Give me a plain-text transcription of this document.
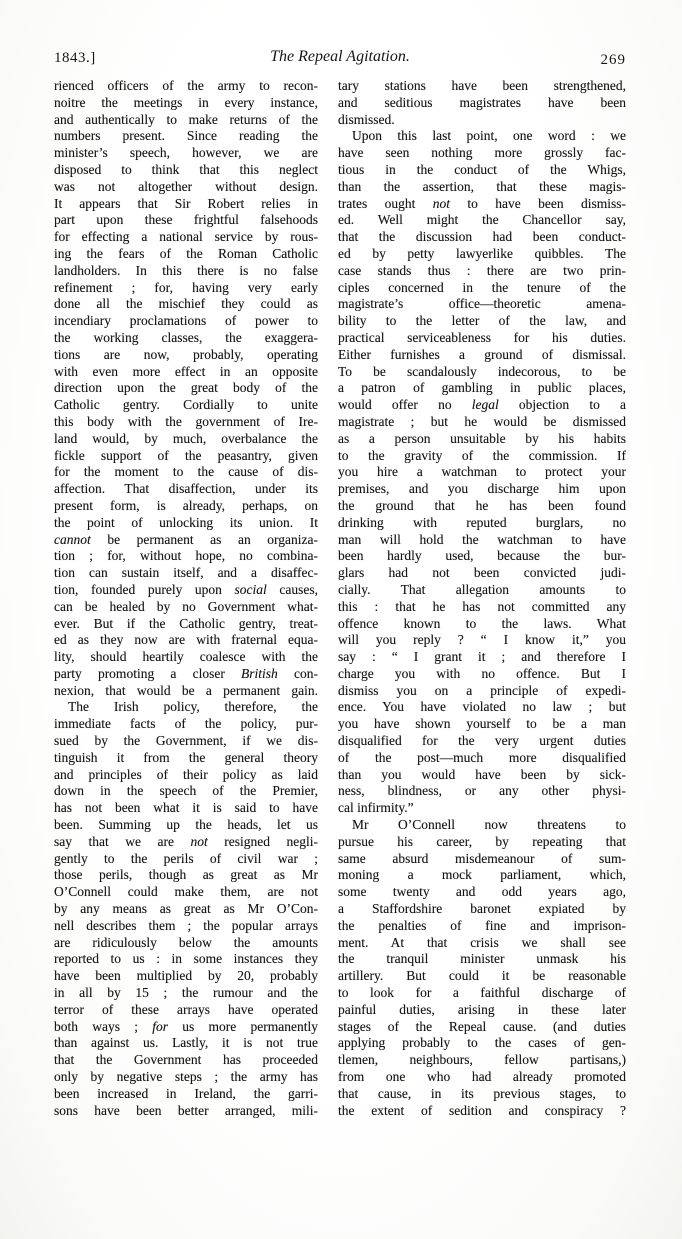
1843.]	The Repeal Agitation.	269
rienced officers of the army to recon-
noitre the meetings in every instance,
and authentically to make returns of the
numbers present. Since reading the
minister’s speech, however, we are
disposed to think that this neglect
was not altogether without design.
It appears that Sir Robert relies in
part upon these frightful falsehoods
for effecting a national service by rous-
ing the fears of the Roman Catholic
landholders. In this there is no false
refinement ; for, having very early
done all the mischief they could as
incendiary proclamations of power to
the working classes, the exaggera-
tions are now, probably, operating
with even more effect in an opposite
direction upon the great body of the
Catholic gentry. Cordially to unite
this body with the government of Ire-
land would, by much, overbalance the
fickle support of the peasantry, given
for the moment to the cause of dis-
affection. That disaffection, under its
present form, is already, perhaps, on
the point of unlocking its union. It
cannot be permanent as an organiza-
tion ; for, without hope, no combina-
tion can sustain itself, and a disaffec-
tion, founded purely upon social causes,
can be healed by no Government what-
ever. But if the Catholic gentry, treat-
ed as they now are with fraternal equa-
lity, should heartily coalesce with the
party promoting a closer British con-
nexion, that would be a permanent gain.
The Irish policy, therefore, the
immediate facts of the policy, pur-
sued by the Government, if we dis-
tinguish it from the general theory
and principles of their policy as laid
down in the speech of the Premier,
has not been what it is said to have
been. Summing up the heads, let us
say that we are not resigned negli-
gently to the perils of civil war ;
those perils, though as great as Mr
O’Connell could make them, are not
by any means as great as Mr O’Con-
nell describes them ; the popular arrays
are ridiculously below the amounts
reported to us : in some instances they
have been multiplied by 20, probably
in all by 15 ; the rumour and the
terror of these arrays have operated
both ways ; for us more permanently
than against us. Lastly, it is not true
that the Government has proceeded
only by negative steps ; the army has
been increased in Ireland, the garri-
sons have been better arranged, mili-
tary stations have been strengthened,
and seditious magistrates have been
dismissed.
Upon this last point, one word : we
have seen nothing more grossly fac-
tious in the conduct of the Whigs,
than the assertion, that these magis-
trates ought not to have been dismiss-
ed. Well might the Chancellor say,
that the discussion had been conduct-
ed by petty lawyerlike quibbles. The
case stands thus : there are two prin-
ciples concerned in the tenure of the
magistrate’s office—theoretic amena-
bility to the letter of the law, and
practical serviceableness for his duties.
Either furnishes a ground of dismissal.
To be scandalously indecorous, to be
a patron of gambling in public places,
would offer no legal objection to a
magistrate ; but he would be dismissed
as a person unsuitable by his habits
to the gravity of the commission. If
you hire a watchman to protect your
premises, and you discharge him upon
the ground that he has been found
drinking with reputed burglars, no
man will hold the watchman to have
been hardly used, because the bur-
glars had not been convicted judi-
cially. That allegation amounts to
this : that he has not committed any
offence known to the laws. What
will you reply ? “ I know it,” you
say : “ I grant it ; and therefore I
charge you with no offence. But I
dismiss you on a principle of expedi-
ence. You have violated no law ; but
you have shown yourself to be a man
disqualified for the very urgent duties
of the post—much more disqualified
than you would have been by sick-
ness, blindness, or any other physi-
cal infirmity.”
Mr O’Connell now threatens to
pursue his career, by repeating that
same absurd misdemeanour of sum-
moning a mock parliament, which,
some twenty and odd years ago,
a Staffordshire baronet expiated by
the penalties of fine and imprison-
ment. At that crisis we shall see
the tranquil minister unmask his
artillery. But could it be reasonable
to look for a faithful discharge of
painful duties, arising in these later
stages of the Repeal cause. (and duties
applying probably to the cases of gen-
tlemen, neighbours, fellow partisans,)
from one who had already promoted
that cause, in its previous stages, to
the extent of sedition and conspiracy ?
